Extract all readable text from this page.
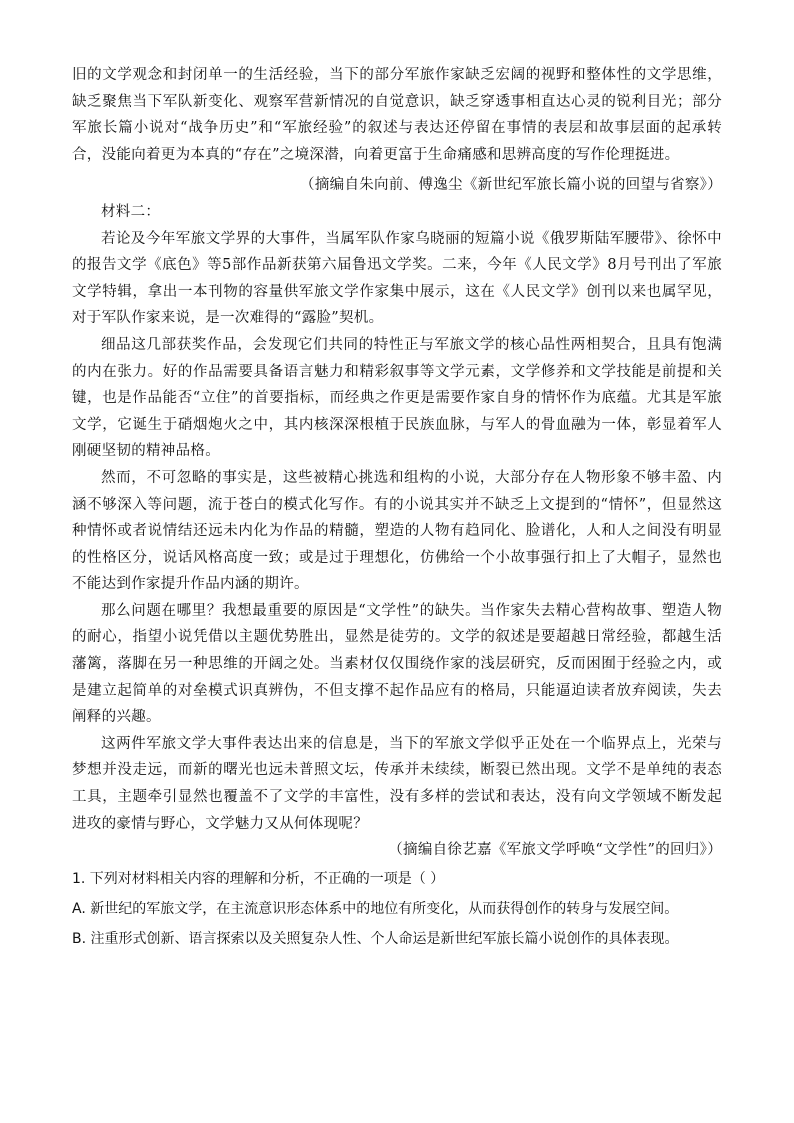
旧的文学观念和封闭单一的生活经验，当下的部分军旅作家缺乏宏阔的视野和整体性的文学思维，缺乏聚焦当下军队新变化、观察军营新情况的自觉意识，缺乏穿透事相直达心灵的锐利目光；部分军旅长篇小说对“战争历史”和“军旅经验”的叙述与表达还停留在事情的表层和故事层面的起承转合，没能向着更为本真的“存在”之境深潜，向着更富于生命痛感和思辨高度的写作伦理挺进。

（摘编自朱向前、傅逸尘《新世纪军旅长篇小说的回望与省察》）

材料二：

若论及今年军旅文学界的大事件，当属军队作家乌晓丽的短篇小说《俄罗斯陆军腰带》、徐怀中的报告文学《底色》等5部作品新获第六届鲁迅文学奖。二来，今年《人民文学》8月号刊出了军旅文学特辑，拿出一本刊物的容量供军旅文学作家集中展示，这在《人民文学》创刊以来也属罕见，对于军队作家来说，是一次难得的“露脸”契机。

细品这几部获奖作品，会发现它们共同的特性正与军旅文学的核心品性两相契合，且具有饱满的内在张力。好的作品需要具备语言魅力和精彩叙事等文学元素，文学修养和文学技能是前提和关键，也是作品能否“立住”的首要指标，而经典之作更是需要作家自身的情怀作为底蕴。尤其是军旅文学，它诞生于硝烟炮火之中，其内核深深根植于民族血脉，与军人的骨血融为一体，彰显着军人刚硬坚韧的精神品格。

然而，不可忽略的事实是，这些被精心挑选和组构的小说，大部分存在人物形象不够丰盈、内涵不够深入等问题，流于苍白的模式化写作。有的小说其实并不缺乏上文提到的“情怀”，但显然这种情怀或者说情结还远未内化为作品的精髓，塑造的人物有趋同化、脸谱化，人和人之间没有明显的性格区分，说话风格高度一致；或是过于理想化，仿佛给一个小故事强行扣上了大帽子，显然也不能达到作家提升作品内涵的期许。

那么问题在哪里？我想最重要的原因是“文学性”的缺失。当作家失去精心营构故事、塑造人物的耐心，指望小说凭借以主题优势胜出，显然是徒劳的。文学的叙述是要超越日常经验，都越生活藩篱，落脚在另一种思维的开阔之处。当素材仅仅围绕作家的浅层研究，反而困囿于经验之内，或是建立起简单的对垒模式识真辨伪，不但支撑不起作品应有的格局，只能逼迫读者放弃阅读，失去阐释的兴趣。

这两件军旅文学大事件表达出来的信息是，当下的军旅文学似乎正处在一个临界点上，光荣与梦想并没走远，而新的曙光也远未普照文坛，传承并未续续，断裂已然出现。文学不是单纯的表态工具，主题牵引显然也覆盖不了文学的丰富性，没有多样的尝试和表达，没有向文学领域不断发起进攻的豪情与野心，文学魅力又从何体现呢？

（摘编自徐艺嘉《军旅文学呼唤“文学性”的回归》）

1. 下列对材料相关内容的理解和分析，不正确的一项是（ ）

A. 新世纪的军旅文学，在主流意识形态体系中的地位有所变化，从而获得创作的转身与发展空间。

B. 注重形式创新、语言探索以及关照复杂人性、个人命运是新世纪军旅长篇小说创作的具体表现。
